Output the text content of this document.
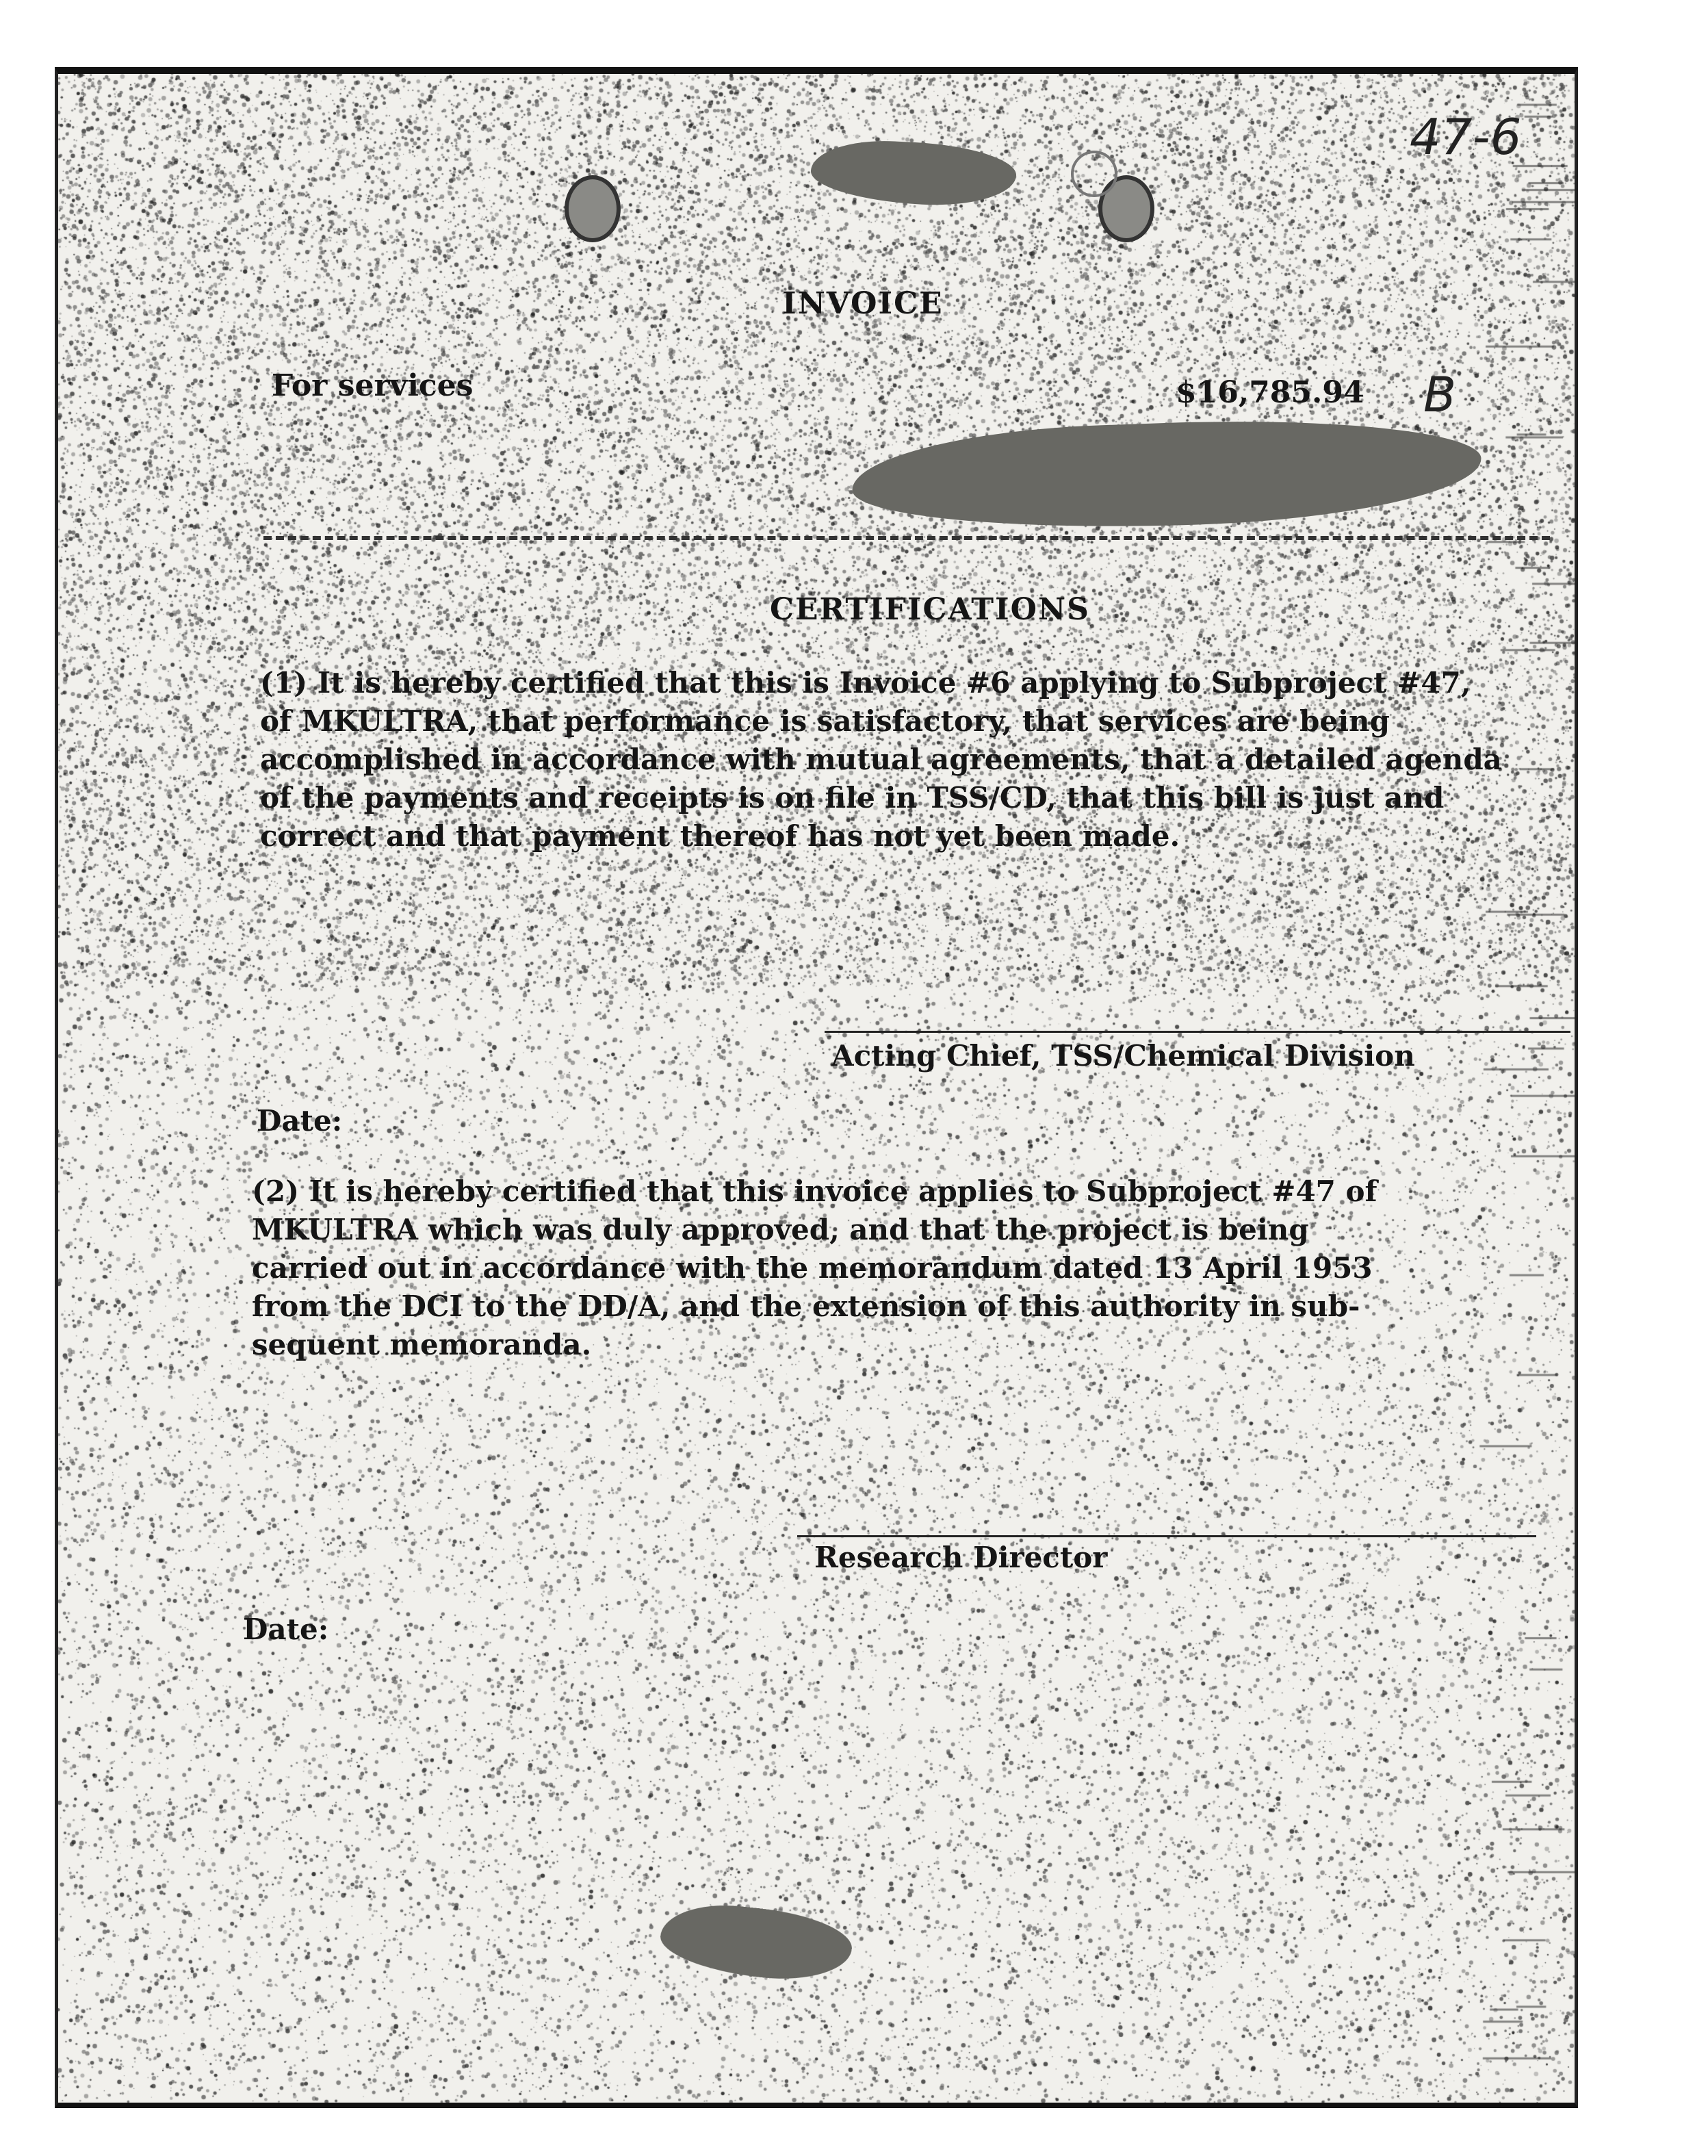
47-6
INVOICE
For services	$16,785.94 B
CERTIFICATIONS
(1) It is hereby certified that this is Invoice #6 applying to Subproject #47,
of MKULTRA, that performance is satisfactory, that services are being
accomplished in accordance with mutual agreements, that a detailed agenda
of the payments and receipts is on file in TSS/CD, that this bill is just and
correct and that payment thereof has not yet been made.
Acting Chief, TSS/Chemical Division
Date:
(2) It is hereby certified that this invoice applies to Subproject #47 of
MKULTRA which was duly approved, and that the project is being
carried out in accordance with the memorandum dated 13 April 1953
from the DCI to the DD/A, and the extension of this authority in sub-
sequent memoranda.
Research Director
Date:
